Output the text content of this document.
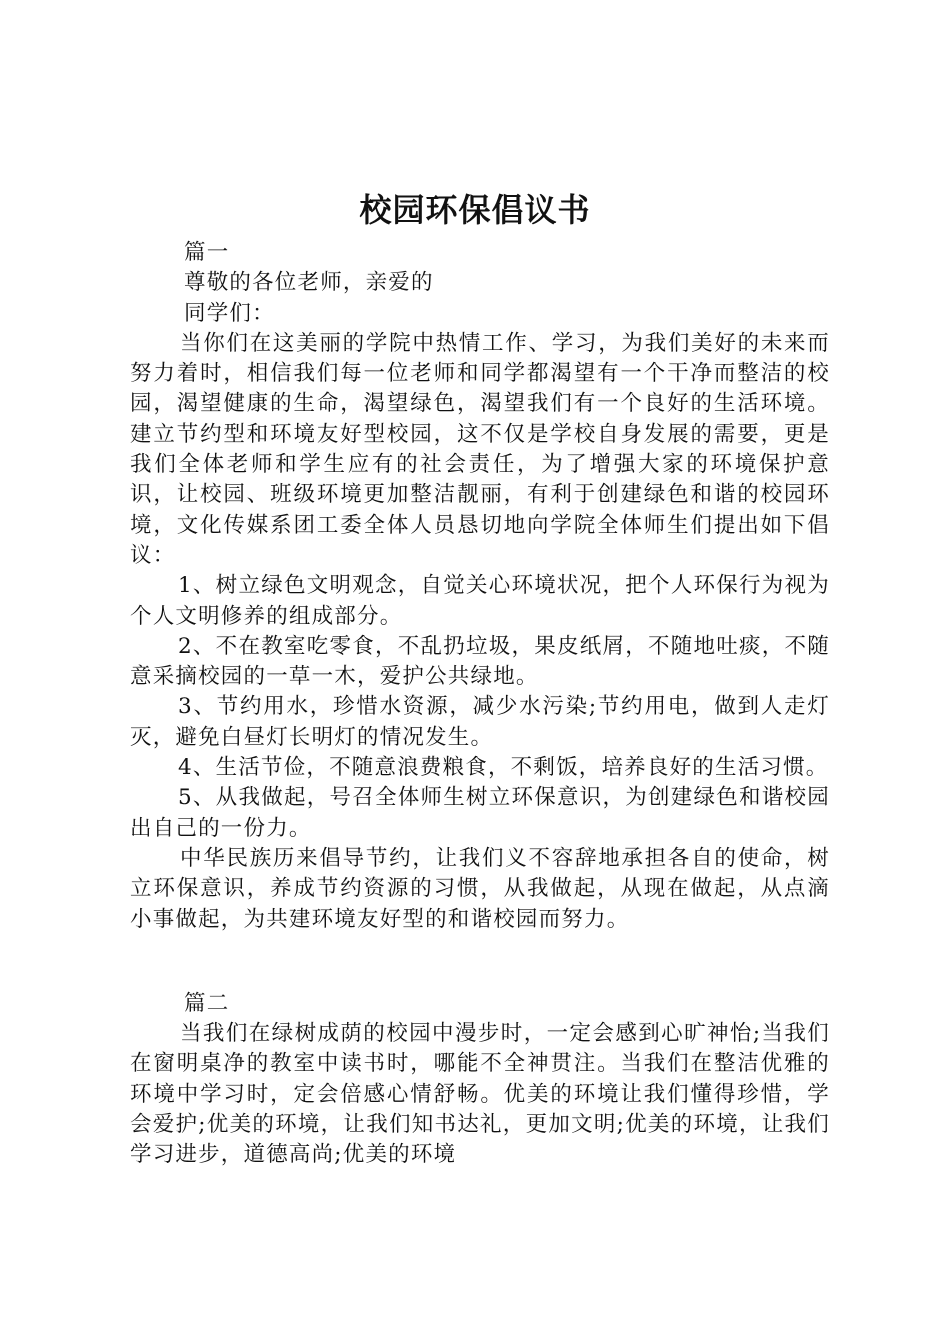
校园环保倡议书

篇一

尊敬的各位老师，亲爱的

同学们：

当你们在这美丽的学院中热情工作、学习，为我们美好的未来而努力着时，相信我们每一位老师和同学都渴望有一个干净而整洁的校园，渴望健康的生命，渴望绿色，渴望我们有一个良好的生活环境。建立节约型和环境友好型校园，这不仅是学校自身发展的需要，更是我们全体老师和学生应有的社会责任，为了增强大家的环境保护意识，让校园、班级环境更加整洁靓丽，有利于创建绿色和谐的校园环境，文化传媒系团工委全体人员恳切地向学院全体师生们提出如下倡议：

1、树立绿色文明观念，自觉关心环境状况，把个人环保行为视为个人文明修养的组成部分。

2、不在教室吃零食，不乱扔垃圾，果皮纸屑，不随地吐痰，不随意采摘校园的一草一木，爱护公共绿地。

3、节约用水，珍惜水资源，减少水污染;节约用电，做到人走灯灭，避免白昼灯长明灯的情况发生。

4、生活节俭，不随意浪费粮食，不剩饭，培养良好的生活习惯。

5、从我做起，号召全体师生树立环保意识，为创建绿色和谐校园出自己的一份力。

中华民族历来倡导节约，让我们义不容辞地承担各自的使命，树立环保意识，养成节约资源的习惯，从我做起，从现在做起，从点滴小事做起，为共建环境友好型的和谐校园而努力。

篇二

当我们在绿树成荫的校园中漫步时，一定会感到心旷神怡;当我们在窗明桌净的教室中读书时，哪能不全神贯注。当我们在整洁优雅的环境中学习时，定会倍感心情舒畅。优美的环境让我们懂得珍惜，学会爱护;优美的环境，让我们知书达礼，更加文明;优美的环境，让我们学习进步，道德高尚;优美的环境
